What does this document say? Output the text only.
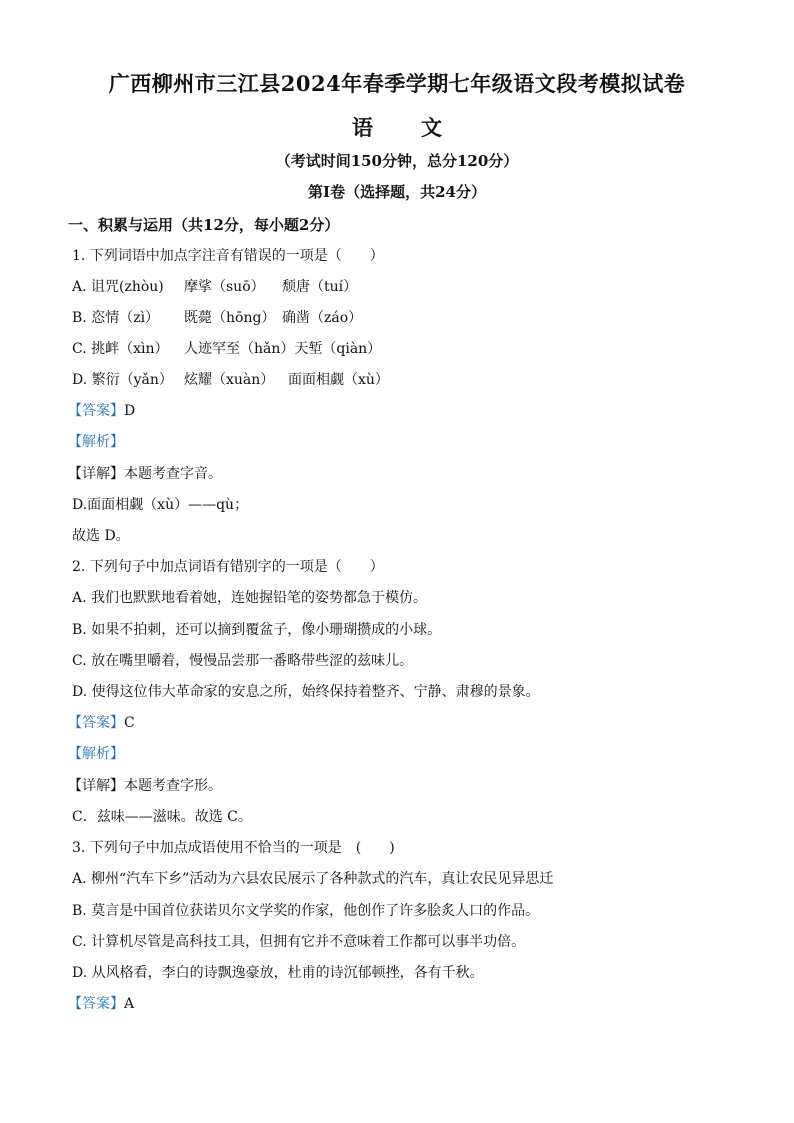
广西柳州市三江县2024年春季学期七年级语文段考模拟试卷
语 文
（考试时间150分钟，总分120分）
第Ⅰ卷（选择题，共24分）
一、积累与运用（共12分，每小题2分）
1. 下列词语中加点字注音有错误的一项是（　　）
A. 诅咒(zhòu) 摩挲（suō） 颓唐（tuí）
B. 恣情（zì） 既薨（hōng） 确凿（záo）
C. 挑衅（xìn） 人迹罕至（hǎn）天堑（qiàn）
D. 繁衍（yǎn） 炫耀（xuàn） 面面相觑（xù）
【答案】D
【解析】
【详解】本题考查字音。
D.面面相觑（xù）——qù；
故选 D。
2. 下列句子中加点词语有错别字的一项是（　　）
A. 我们也默默地看着她，连她握铅笔的姿势都急于模仿。
B. 如果不拍刺，还可以摘到覆盆子，像小珊瑚攒成的小球。
C. 放在嘴里嚼着，慢慢品尝那一番略带些涩的兹味儿。
D. 使得这位伟大革命家的安息之所，始终保持着整齐、宁静、肃穆的景象。
【答案】C
【解析】
【详解】本题考查字形。
C．兹味——滋味。故选 C。
3. 下列句子中加点成语使用不恰当的一项是　(　　)
A. 柳州“汽车下乡”活动为六县农民展示了各种款式的汽车，真让农民见异思迁
B. 莫言是中国首位获诺贝尔文学奖的作家，他创作了许多脍炙人口的作品。
C. 计算机尽管是高科技工具，但拥有它并不意味着工作都可以事半功倍。
D. 从风格看，李白的诗飘逸豪放，杜甫的诗沉郁顿挫，各有千秋。
【答案】A
